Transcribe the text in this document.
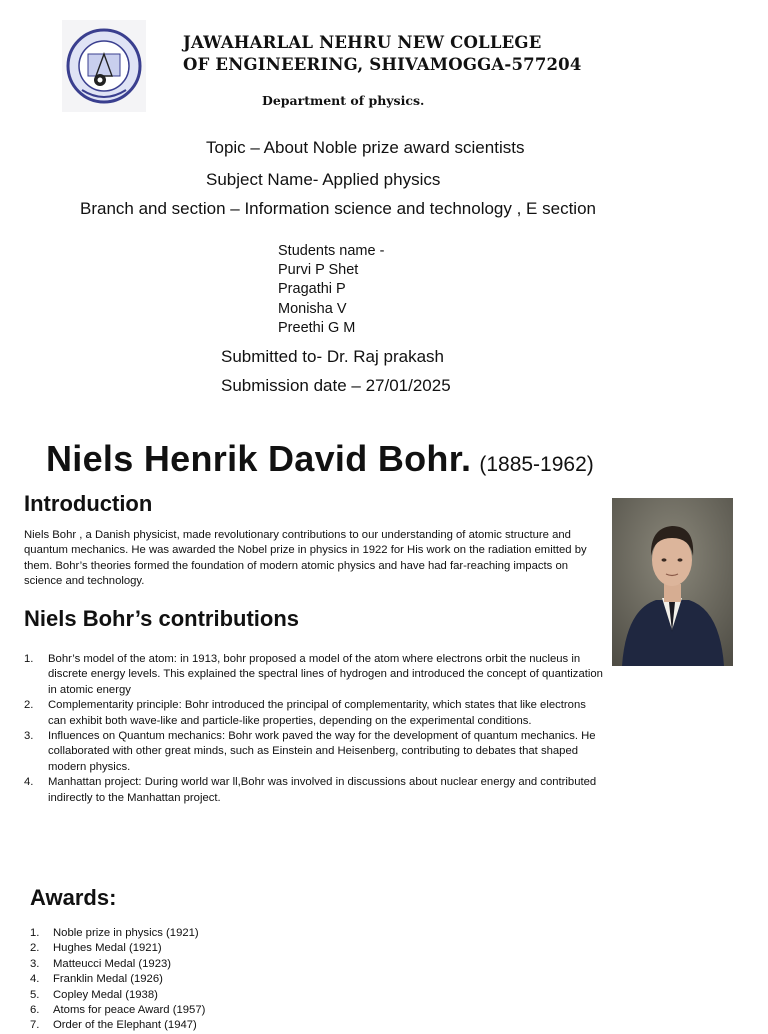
JAWAHARLAL NEHRU NEW COLLEGE
OF ENGINEERING, SHIVAMOGGA-577204
Department of physics.
Topic – About Noble prize award scientists
Subject Name- Applied physics
Branch and section – Information science and technology , E section
Students name -
Purvi P Shet
Pragathi P
Monisha V
Preethi G M
Submitted to- Dr. Raj prakash
Submission date – 27/01/2025
Niels Henrik David Bohr. (1885-1962)
Introduction
Niels Bohr , a Danish physicist, made revolutionary contributions to our understanding of atomic structure and quantum mechanics. He was awarded the Nobel prize in physics in 1922 for His work on the radiation emitted by them. Bohr’s theories formed the foundation of modern atomic physics and have had far-reaching impacts on science and technology.
Niels Bohr’s contributions
1. Bohr’s model of the atom: in 1913, bohr proposed a model of the atom where electrons orbit the nucleus in discrete energy levels. This explained the spectral lines of hydrogen and introduced the concept of quantization in atomic energy
2. Complementarity principle: Bohr introduced the principal of complementarity, which states that like electrons can exhibit both wave-like and particle-like properties, depending on the experimental conditions.
3. Influences on Quantum mechanics: Bohr work paved the way for the development of quantum mechanics. He collaborated with other great minds, such as Einstein and Heisenberg, contributing to debates that shaped modern physics.
4. Manhattan project: During world war ll,Bohr was involved in discussions about nuclear energy and contributed indirectly to the Manhattan project.
Awards:
1. Noble prize in physics (1921)
2. Hughes Medal (1921)
3. Matteucci Medal (1923)
4. Franklin Medal (1926)
5. Copley Medal (1938)
6. Atoms for peace Award (1957)
7. Order of the Elephant (1947)
